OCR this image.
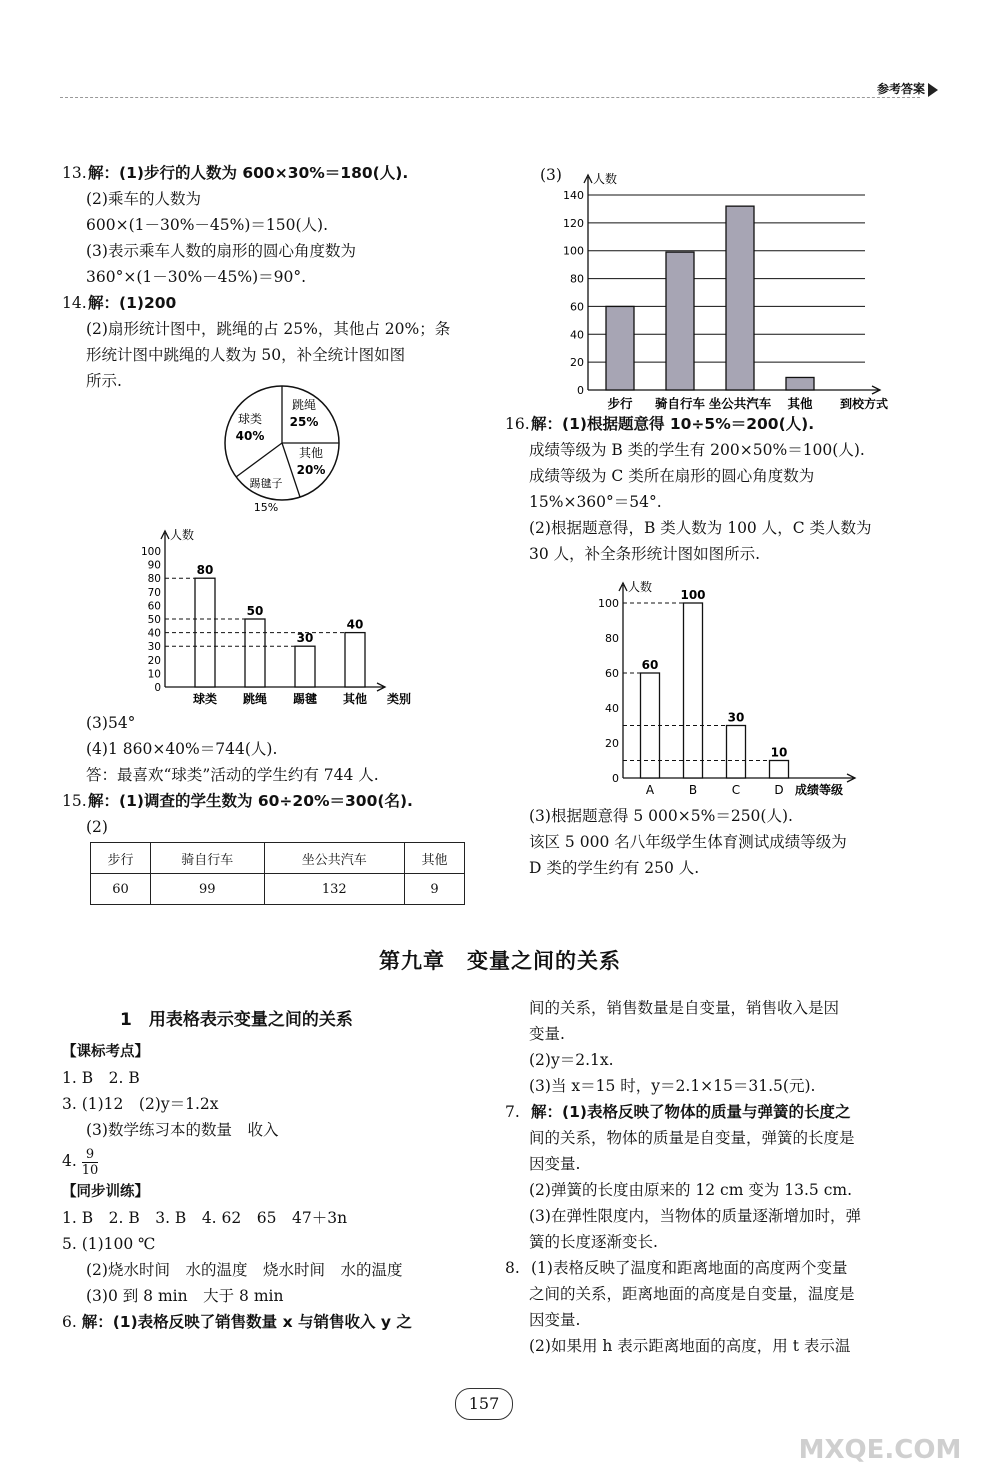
参考答案

13.解：(1)步行的人数为 600×30%＝180(人).

(2)乘车的人数为

600×(1－30%－45%)＝150(人).

(3)表示乘车人数的扇形的圆心角度数为

360°×(1－30%－45%)＝90°.

14.解：(1)200

(2)扇形统计图中，跳绳的占 25%，其他占 20%；条

形统计图中跳绳的人数为 50，补全统计图如图

所示.

球类
40%
跳绳
25%
其他
20%
踢毽子
15%
人数
类别
100
90
80
70
60
50
40
30
20
10
0
80
球类
50
跳绳
30
踢毽
40
其他

(3)54°

(4)1 860×40%＝744(人).

答：最喜欢“球类”活动的学生约有 744 人.

15.解：(1)调查的学生数为 60÷20%＝300(名).

(2)

步行	骑自行车	坐公共汽车	其他
60	99	132	9

(3)	人数
到校方式
140
120
100
80
60
40
20
0
步行 骑自行车 坐公共汽车 其他

16.解：(1)根据题意得 10÷5%＝200(人).

成绩等级为 B 类的学生有 200×50%＝100(人).

成绩等级为 C 类所在扇形的圆心角度数为

15%×360°＝54°.

(2)根据题意得，B 类人数为 100 人，C 类人数为

30 人，补全条形统计图如图所示.

人数
成绩等级
100
80
60
40
20
0
60
A
100
B
30
C
10
D

(3)根据题意得 5 000×5%＝250(人).

该区 5 000 名八年级学生体育测试成绩等级为

D 类的学生约有 250 人.

第九章　变量之间的关系

1　用表格表示变量之间的关系

【课标考点】

1. B　2. B

3. (1)12　(2)y＝1.2x

(3)数学练习本的数量　收入

4. $\frac{9}{10}$

【同步训练】

1. B　2. B　3. B　4. 62　65　47＋3n

5. (1)100 ℃

(2)烧水时间　水的温度　烧水时间　水的温度

(3)0 到 8 min　大于 8 min

6. 解：(1)表格反映了销售数量 x 与销售收入 y 之

间的关系，销售数量是自变量，销售收入是因

变量.

(2)y＝2.1x.

(3)当 x＝15 时，y＝2.1×15＝31.5(元).

7.解：(1)表格反映了物体的质量与弹簧的长度之

间的关系，物体的质量是自变量，弹簧的长度是

因变量.

(2)弹簧的长度由原来的 12 cm 变为 13.5 cm.

(3)在弹性限度内，当物体的质量逐渐增加时，弹

簧的长度逐渐变长.

8.(1)表格反映了温度和距离地面的高度两个变量

之间的关系，距离地面的高度是自变量，温度是

因变量.

(2)如果用 h 表示距离地面的高度，用 t 表示温

157
MXQE.COM
